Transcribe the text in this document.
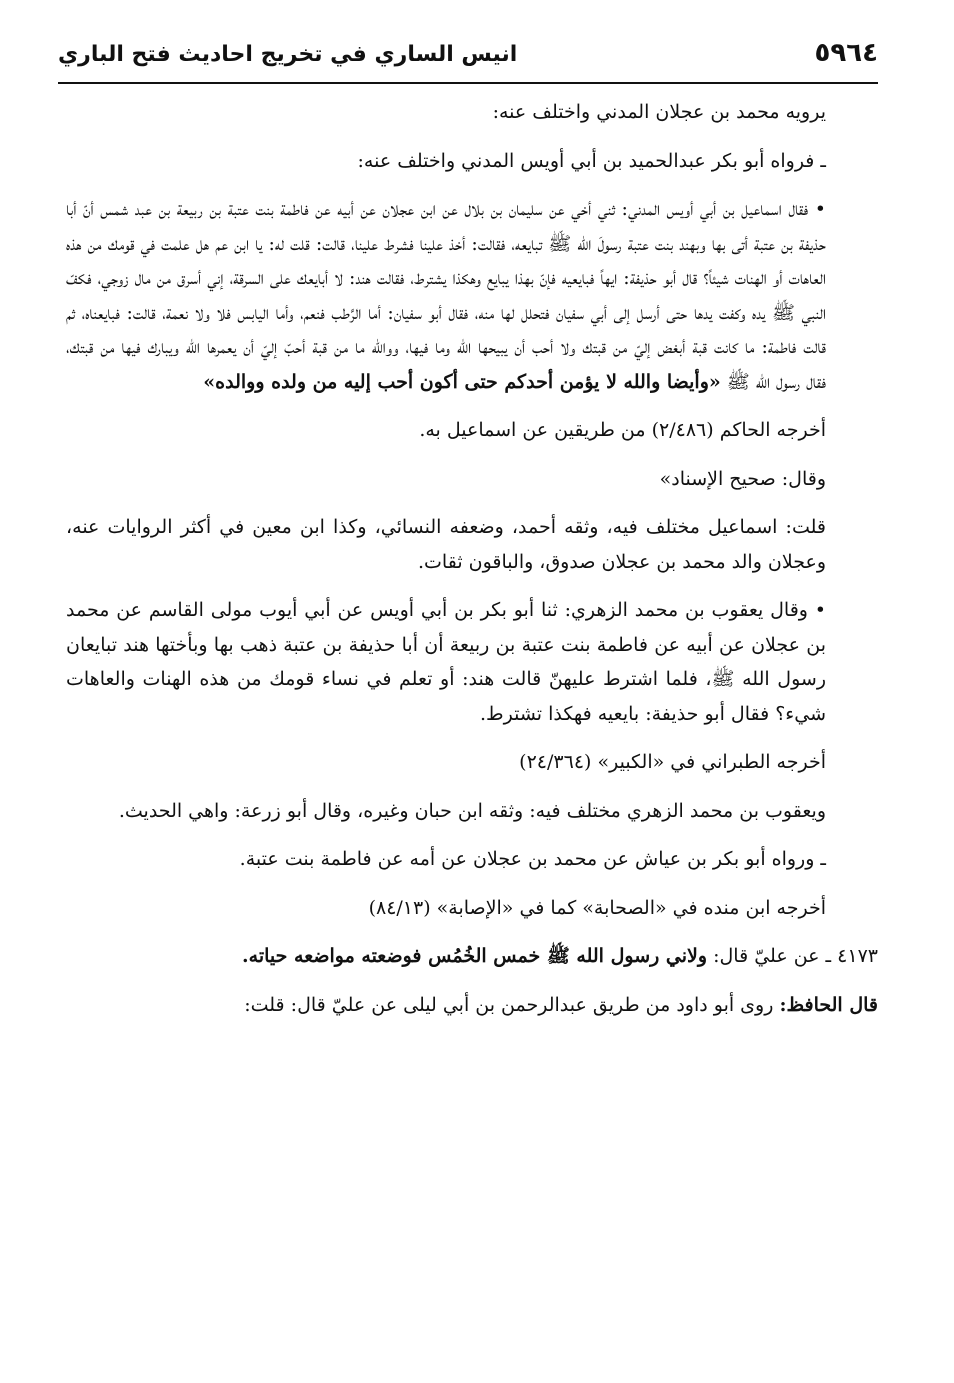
انيس الساري في تخريج احاديث فتح الباري	٥٩٦٤

يرويه محمد بن عجلان المدني واختلف عنه:

ـ فرواه أبو بكر عبدالحميد بن أبي أويس المدني واختلف عنه:

• فقال اسماعيل بن أبي أويس المدني: ثني أخي عن سليمان بن بلال عن ابن عجلان عن أبيه عن فاطمة بنت عتبة بن ربيعة بن عبد شمس أنّ أبا حذيفة بن عتبة أتى بها وبهند بنت عتبة رسولَ الله ﷺ تبايعه، فقالت: أخذ علينا فشرط علينا، قالت: قلت له: يا ابن عم هل علمت في قومك من هذه العاهات أو الهنات شيئاً؟ قال أبو حذيفة: ايهاً فبايعيه فإنّ بهذا يبايع وهكذا يشترط، فقالت هند: لا أبايعك على السرقة، إني أسرق من مال زوجي، فكفّ النبي ﷺ يده وكفت يدها حتى أرسل إلى أبي سفيان فتحلل لها منه، فقال أبو سفيان: أما الرَّطب فنعم، وأما اليابس فلا ولا نعمة، قالت: فبايعناه، ثم قالت فاطمة: ما كانت قبة أبغض إليّ من قبتك ولا أحب أن يبيحها الله وما فيها، ووالله ما من قبة أحبّ إليّ أن يعمرها الله ويبارك فيها من قبتك، فقال رسول الله ﷺ «وأيضا والله لا يؤمن أحدكم حتى أكون أحب إليه من ولده ووالده»

أخرجه الحاكم (٢/٤٨٦) من طريقين عن اسماعيل به.

وقال: صحيح الإسناد»

قلت: اسماعيل مختلف فيه، وثقه أحمد، وضعفه النسائي، وكذا ابن معين في أكثر الروايات عنه، وعجلان والد محمد بن عجلان صدوق، والباقون ثقات.

• وقال يعقوب بن محمد الزهري: ثنا أبو بكر بن أبي أويس عن أبي أيوب مولى القاسم عن محمد بن عجلان عن أبيه عن فاطمة بنت عتبة بن ربيعة أن أبا حذيفة بن عتبة ذهب بها وبأختها هند تبايعان رسول الله ﷺ، فلما اشترط عليهنّ قالت هند: أو تعلم في نساء قومك من هذه الهنات والعاهات شيء؟ فقال أبو حذيفة: بايعيه فهكذا تشترط.

أخرجه الطبراني في «الكبير» (٢٤/٣٦٤)

ويعقوب بن محمد الزهري مختلف فيه: وثقه ابن حبان وغيره، وقال أبو زرعة: واهي الحديث.

ـ ورواه أبو بكر بن عياش عن محمد بن عجلان عن أمه عن فاطمة بنت عتبة.

أخرجه ابن منده في «الصحابة» كما في «الإصابة» (٨٤/١٣)

٤١٧٣ ـ عن عليّ قال: ولاني رسول الله ﷺ خمس الخُمُس فوضعته مواضعه حياته.

قال الحافظ: روى أبو داود من طريق عبدالرحمن بن أبي ليلى عن عليّ قال: قلت:
